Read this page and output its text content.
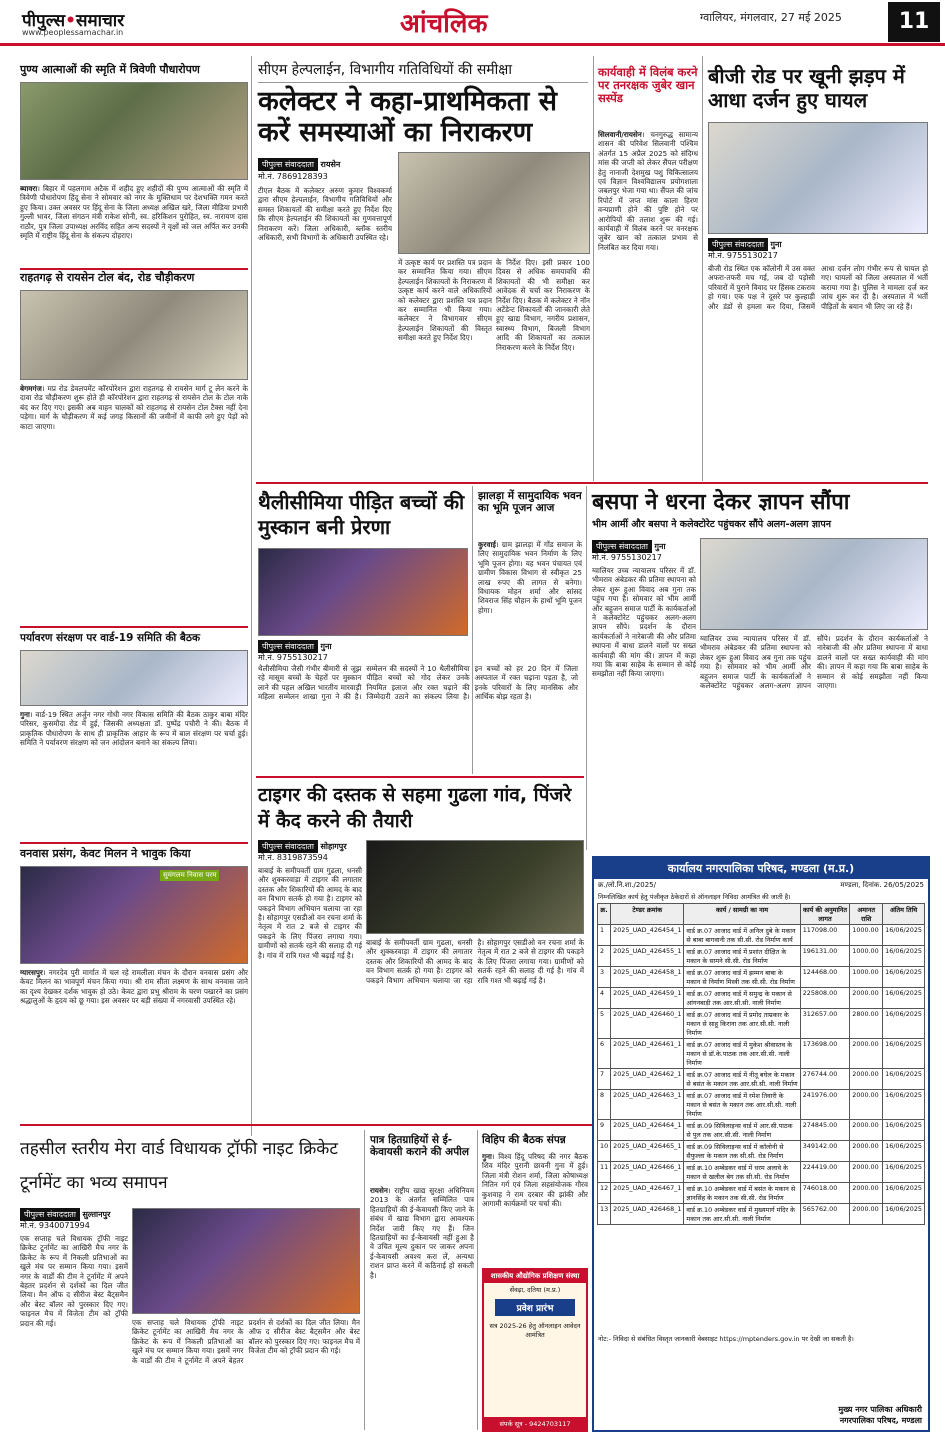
पीपुल्स•समाचार
www.peoplessamachar.in	आंचलिक	ग्वालियर, मंगलवार, 27 मई 2025	11
पुण्य आत्माओं की स्मृति में त्रिवेणी पौधारोपण
ब्यावरा। बिहार में पहलगाम अटैक में शहीद हुए शहीदों की पुण्य आत्माओं की स्मृति में त्रिवेणी पौधारोपण हिंदू सेना ने सोमवार को नगर के मुक्तिधाम पर देशभक्ति गमन करते हुए किया। उक्त अवसर पर हिंदू सेना के जिला अध्यक्ष अखिल खरे, जिला मीडिया प्रभारी गुल्ली भावर, जिला संगठन मंत्री राकेश सोनी, स्व. हरिकिशन पुरोहित, स्व. नारायण दास राठौर, पुत्र जिला उपाध्यक्ष अरविंद सहित अन्य सदस्यों ने वृक्षों को जल अर्पित कर उनकी स्मृति में राष्ट्रीय हिंदू सेना के संकल्प दोहराए।
राहतगढ़ से रायसेन टोल बंद, रोड चौड़ीकरण
बेगमगंज। मप्र रोड डेवलपमेंट कॉरपोरेशन द्वारा राहतगढ़ से रायसेन मार्ग टू लेन करने के दावा रोड चौड़ीकरण शुरू होते ही कॉरपोरेशन द्वारा राहतगढ़ से रायसेन टोल के टोल नाके बंद कर दिए गए। इसकी अब वाहन चालकों को राहतगढ़ से रायसेन टोल टैक्स नहीं देना पड़ेगा। मार्ग के चौड़ीकरण में कई जगह किसानों की जमीनों में काफी लगे हुए पेड़ों को काटा जाएगा।
पर्यावरण संरक्षण पर वार्ड-19 समिति की बैठक
गुना। वार्ड-19 स्थित अर्जुन नगर गोधी नगर विकास समिति की बैठक ठाकुर बाबा मंदिर परिसर, कुसमौदा रोड में हुई, जिसकी अध्यक्षता डॉ. पुष्पेंद्र पचौरी ने की। बैठक में प्राकृतिक पौधारोपण के साथ ही प्राकृतिक आहार के रूप में बाल संरक्षण पर चर्चा हुई। समिति ने पर्यावरण संरक्षण को जन आंदोलन बनाने का संकल्प लिया।
वनवास प्रसंग, केवट मिलन ने भावुक किया
सुमंगलम निवास परम
ग्यारसपुर। नगरदेव पुरी मार्गात में चल रहे रामलीला मंचन के दौरान वनवास प्रसंग और केवट मिलन का भावपूर्ण मंचन किया गया। श्री राम सीता लक्ष्मण के साथ वनवास जाने का दृश्य देखकर दर्शक भावुक हो उठे। केवट द्वारा प्रभु श्रीराम के चरण पखारने का प्रसंग श्रद्धालुओं के हृदय को छू गया। इस अवसर पर बड़ी संख्या में नगरवासी उपस्थित रहे।
सीएम हेल्पलाईन, विभागीय गतिविधियों की समीक्षा
कलेक्टर ने कहा-प्राथमिकता से करें समस्याओं का निराकरण
पीपुल्स संवाददाता रायसेन
मो.नं. 7869128393
टीएल बैठक में कलेक्टर अरुण कुमार विश्वकर्मा द्वारा सीएम हेल्पलाईन, विभागीय गतिविधियों और समस्त शिकायतों की समीक्षा करते हुए निर्देश दिए कि सीएम हेल्पलाईन की शिकायतों का गुणवत्तापूर्ण निराकरण करें। जिला अधिकारी, ब्लॉक स्तरीय अधिकारी, सभी विभागों के अधिकारी उपस्थित रहे।
में उत्कृष्ट कार्य पर प्रशस्ति पत्र प्रदान कर सम्मानित किया गया। सीएम हेल्पलाईन शिकायतों के निराकरण में उत्कृष्ट कार्य करने वाले अधिकारियों को कलेक्टर द्वारा प्रशस्ति पत्र प्रदान कर सम्मानित भी किया गया। कलेक्टर ने विभागवार सीएम हेल्पलाईन शिकायतों की विस्तृत समीक्षा करते हुए निर्देश दिए।
के निर्देश दिए। इसी प्रकार 100 दिवस से अधिक समयावधि की शिकायतों की भी समीक्षा कर आवेदक से चर्चा कर निराकरण के निर्देश दिए। बैठक में कलेक्टर ने नॉन अटेंडेन्ट शिकायतों की जानकारी लेते हुए खाद्य विभाग, नगरीय प्रशासन, स्वास्थ्य विभाग, बिजली विभाग आदि की शिकायतों का तत्काल निराकरण करने के निर्देश दिए।
कार्यवाही में विलंब करने पर तनरक्षक जुबेर खान सस्पेंड
सिलवानी/रायसेन। चनगुरुद्ध सामान्य शासन की परिवेश सिलवानी पश्चिम अंतर्गत 15 अप्रैल 2025 को संदिग्ध मांस की जप्ती को लेकर सैंपल परीक्षण हेतु नानाजी देशमुख पशु चिकित्सालय एवं विज्ञान विश्वविद्यालय प्रयोगशाला जबलपुर भेजा गया था। सैंपल की जांच रिपोर्ट में जप्त मांस काला हिरण वन्यप्राणी होने की पुष्टि होने पर आरोपियों की तलाश शुरू की गई। कार्यवाही में विलंब करने पर वनरक्षक जुबेर खान को तत्काल प्रभाव से निलंबित कर दिया गया।
बीजी रोड पर खूनी झड़प में आधा दर्जन हुए घायल
पीपुल्स संवाददाता गुना
मो.नं. 9755130217
बीजी रोड स्थित एक कॉलोनी में उस वक्त अफरा-तफरी मच गई, जब दो पड़ोसी परिवारों में पुराने विवाद पर हिंसक टकराव हो गया। एक पक्ष ने दूसरे पर कुल्हाड़ी और डंडों से हमला कर दिया, जिसमें आधा दर्जन लोग गंभीर रूप से घायल हो गए। घायलों को जिला अस्पताल में भर्ती कराया गया है। पुलिस ने मामला दर्ज कर जांच शुरू कर दी है। अस्पताल में भर्ती पीड़ितों के बयान भी लिए जा रहे हैं।
थैलीसीमिया पीड़ित बच्चों की मुस्कान बनी प्रेरणा
पीपुल्स संवाददाता गुना
मो.नं. 9755130217
थैलीसीमिया जैसी गंभीर बीमारी से जूझ रहे मासूम बच्चों के चेहरों पर मुस्कान लाने की पहल अखिल भारतीय मारवाड़ी महिला सम्मेलन शाखा गुना ने की है। सम्मेलन की सदस्यों ने 10 थैलीसीमिया पीड़ित बच्चों को गोद लेकर उनके नियमित इलाज और रक्त चढ़ाने की जिम्मेदारी उठाने का संकल्प लिया है। इन बच्चों को हर 20 दिन में जिला अस्पताल में रक्त चढ़ाना पड़ता है, जो इनके परिवारों के लिए मानसिक और आर्थिक बोझ रहता है।
झालड़ा में सामुदायिक भवन का भूमि पूजन आज
कुरवाई। ग्राम झालड़ा में गोंड समाज के लिए सामुदायिक भवन निर्माण के लिए भूमि पूजन होगा। यह भवन पंचायत एवं ग्रामीण विकास विभाग से स्वीकृत 25 लाख रुपए की लागत से बनेगा। विधायक मोहन शर्मा और सांसद शिवराज सिंह चौहान के हाथों भूमि पूजन होगा।
बसपा ने धरना देकर ज्ञापन सौंपा
भीम आर्मी और बसपा ने कलेक्टोरेट पहुंचकर सौंपे अलग-अलग ज्ञापन
पीपुल्स संवाददाता गुना
मो.नं. 9755130217
ग्वालियर उच्च न्यायालय परिसर में डॉ. भीमराव अंबेडकर की प्रतिमा स्थापना को लेकर शुरू हुआ विवाद अब गुना तक पहुंच गया है। सोमवार को भीम आर्मी और बहुजन समाज पार्टी के कार्यकर्ताओं ने कलेक्टोरेट पहुंचकर अलग-अलग ज्ञापन सौंपे। प्रदर्शन के दौरान कार्यकर्ताओं ने नारेबाजी की और प्रतिमा स्थापना में बाधा डालने वालों पर सख्त कार्यवाही की मांग की। ज्ञापन में कहा गया कि बाबा साहेब के सम्मान से कोई समझौता नहीं किया जाएगा।
ग्वालियर उच्च न्यायालय परिसर में डॉ. भीमराव अंबेडकर की प्रतिमा स्थापना को लेकर शुरू हुआ विवाद अब गुना तक पहुंच गया है। सोमवार को भीम आर्मी और बहुजन समाज पार्टी के कार्यकर्ताओं ने कलेक्टोरेट पहुंचकर अलग-अलग ज्ञापन सौंपे। प्रदर्शन के दौरान कार्यकर्ताओं ने नारेबाजी की और प्रतिमा स्थापना में बाधा डालने वालों पर सख्त कार्यवाही की मांग की। ज्ञापन में कहा गया कि बाबा साहेब के सम्मान से कोई समझौता नहीं किया जाएगा।
टाइगर की दस्तक से सहमा गुढला गांव, पिंजरे में कैद करने की तैयारी
पीपुल्स संवाददाता सोहागपुर
मो.नं. 8319873594
बाबाई के समीपवर्ती ग्राम गुढला, धनसी और शुक्करवाड़ा में टाइगर की लगातार दस्तक और शिकारियों की आमद के बाद वन विभाग सतर्क हो गया है। टाइगर को पकड़ने विभाग अभियान चलाया जा रहा है। सोहागपुर एसडीओ वन रचना शर्मा के नेतृत्व में रात 2 बजे से टाइगर की पकड़ने के लिए पिंजरा लगाया गया। ग्रामीणों को सतर्क रहने की सलाह दी गई है। गांव में रात्रि गश्त भी बढ़ाई गई है।
बाबाई के समीपवर्ती ग्राम गुढला, धनसी और शुक्करवाड़ा में टाइगर की लगातार दस्तक और शिकारियों की आमद के बाद वन विभाग सतर्क हो गया है। टाइगर को पकड़ने विभाग अभियान चलाया जा रहा है। सोहागपुर एसडीओ वन रचना शर्मा के नेतृत्व में रात 2 बजे से टाइगर की पकड़ने के लिए पिंजरा लगाया गया। ग्रामीणों को सतर्क रहने की सलाह दी गई है। गांव में रात्रि गश्त भी बढ़ाई गई है।
तहसील स्तरीय मेरा वार्ड विधायक ट्रॉफी नाइट क्रिकेट टूर्नामेंट का भव्य समापन
पीपुल्स संवाददाता सुल्तानपुर
मो.नं. 9340071994
एक सप्ताह चले विधायक ट्रॉफी नाइट क्रिकेट टूर्नामेंट का आखिरी मैच नगर के क्रिकेट के रूप में निकली प्रतिभाओं का खुले मंच पर सम्मान किया गया। इसमें नगर के वार्डों की टीम ने टूर्नामेंट में अपने बेहतर प्रदर्शन से दर्शकों का दिल जीत लिया। मैन ऑफ द सीरीज बेस्ट बैट्समैन और बेस्ट बॉलर को पुरस्कार दिए गए। फाइनल मैच में विजेता टीम को ट्रॉफी प्रदान की गई।	एक सप्ताह चले विधायक ट्रॉफी नाइट क्रिकेट टूर्नामेंट का आखिरी मैच नगर के क्रिकेट के रूप में निकली प्रतिभाओं का खुले मंच पर सम्मान किया गया। इसमें नगर के वार्डों की टीम ने टूर्नामेंट में अपने बेहतर प्रदर्शन से दर्शकों का दिल जीत लिया। मैन ऑफ द सीरीज बेस्ट बैट्समैन और बेस्ट बॉलर को पुरस्कार दिए गए। फाइनल मैच में विजेता टीम को ट्रॉफी प्रदान की गई।
पात्र हितग्राहियों से ई-केवायसी कराने की अपील
रायसेन। राष्ट्रीय खाद्य सुरक्षा अधिनियम 2013 के अंतर्गत सम्मिलित पात्र हितग्राहियों की ई-केवायसी किए जाने के संबंध में खाद्य विभाग द्वारा आवश्यक निर्देश जारी किए गए हैं। जिन हितग्राहियों का ई-केवायसी नहीं हुआ है वे उचित मूल्य दुकान पर जाकर अपना ई-केवायसी अवश्य करा लें, अन्यथा राशन प्राप्त करने में कठिनाई हो सकती है।
विहिप की बैठक संपन्न
गुना। विश्व हिंदू परिषद की नगर बैठक शिव मंदिर पुरानी छावनी गुना में हुई। जिला मंत्री रोशन शर्मा, जिला कोषाध्यक्ष नितिन गर्ग एवं जिला सहसंयोजक गौरव कुशवाह ने राम दरबार की झांकी और आगामी कार्यक्रमों पर चर्चा की।
शासकीय औद्योगिक प्रशिक्षण संस्था
सेंवढ़ा, दतिया (म.प्र.)
प्रवेश प्रारंभ
सत्र 2025-26 हेतु ऑनलाइन आवेदन आमंत्रित
संपर्क सूत्र - 9424703117
कार्यालय नगरपालिका परिषद, मण्डला (म.प्र.)
क्र./लो.नि.शा./2025/	मण्डला, दिनांक. 26/05/2025
निम्नलिखित कार्य हेतु पंजीकृत ठेकेदारों से ऑनलाइन निविदा आमंत्रित की जाती है।
क्र.	टेण्डर क्रमांक	कार्य / सामग्री का नाम	कार्य की अनुमानित लागत	अमानत राशि	अंतिम तिथि
1	2025_UAD_426454_1	वार्ड क्र.07 आजाद वार्ड में अनिल दुबे के मकान से बाबा बागवानी तक सी.सी. रोड निर्माण कार्य	117098.00	1000.00	16/06/2025
2	2025_UAD_426455_1	वार्ड क्र.07 आजाद वार्ड में प्रशांत दीक्षित के मकान के सामने सी.सी. रोड निर्माण	196131.00	1000.00	16/06/2025
3	2025_UAD_426458_1	वार्ड क्र.07 आजाद वार्ड में झम्मन बाबा के मकान से निर्माण मिस्त्री तक सी.सी. रोड निर्माण	124468.00	1000.00	16/06/2025
4	2025_UAD_426459_1	वार्ड क्र.07 आजाद वार्ड में समुन्द्र के मकान से आंगनबाड़ी तक आर.सी.सी. नाली निर्माण	225808.00	2000.00	16/06/2025
5	2025_UAD_426460_1	वार्ड क्र.07 आजाद वार्ड में प्रमोद ताम्रकार के मकान से साहू किराना तक आर.सी.सी. नाली निर्माण	312657.00	2800.00	16/06/2025
6	2025_UAD_426461_1	वार्ड क्र.07 आजाद वार्ड में मुकेश श्रीवास्तव के मकान से डॉ.के.पाठक तक आर.सी.सी. नाली निर्माण	173698.00	2000.00	16/06/2025
7	2025_UAD_426462_1	वार्ड क्र.07 आजाद वार्ड में नीतू बघेल के मकान से बसंत के मकान तक आर.सी.सी. नाली निर्माण	276744.00	2000.00	16/06/2025
8	2025_UAD_426463_1	वार्ड क्र.07 आजाद वार्ड में रमेश तिवारी के मकान से बसंत के मकान तक आर.सी.सी. नाली निर्माण	241976.00	2000.00	16/06/2025
9	2025_UAD_426464_1	वार्ड क्र.09 सिविलाइन्स वार्ड में आर.सी.पाठक से पुल तक आर.सी.सी. नाली निर्माण	274845.00	2000.00	16/06/2025
10	2025_UAD_426465_1	वार्ड क्र.09 सिविलाइन्स वार्ड में कॉलोनी से सैफुल्ला के मकान तक सी.सी. रोड निर्माण	349142.00	2000.00	16/06/2025
11	2025_UAD_426466_1	वार्ड क्र.10 अम्बेडकर वार्ड में धरम अलावे के मकान से खलील बेग तक सी.सी. रोड निर्माण	224419.00	2000.00	16/06/2025
12	2025_UAD_426467_1	वार्ड क्र.10 अम्बेडकर वार्ड में बसंत के मकान से ज्ञानसिंह के मकान तक सी.सी. रोड निर्माण	746018.00	2000.00	16/06/2025
13	2025_UAD_426468_1	वार्ड क्र.10 अम्बेडकर वार्ड में मुख्यमार्ग मंदिर के मकान तक आर.सी.सी. नाली निर्माण	565762.00	2000.00	16/06/2025
नोट:- निविदा से संबंधित विस्तृत जानकारी वेबसाइट https://mptenders.gov.in पर देखी जा सकती है।
मुख्य नगर पालिका अधिकारी
नगरपालिका परिषद, मण्डला
